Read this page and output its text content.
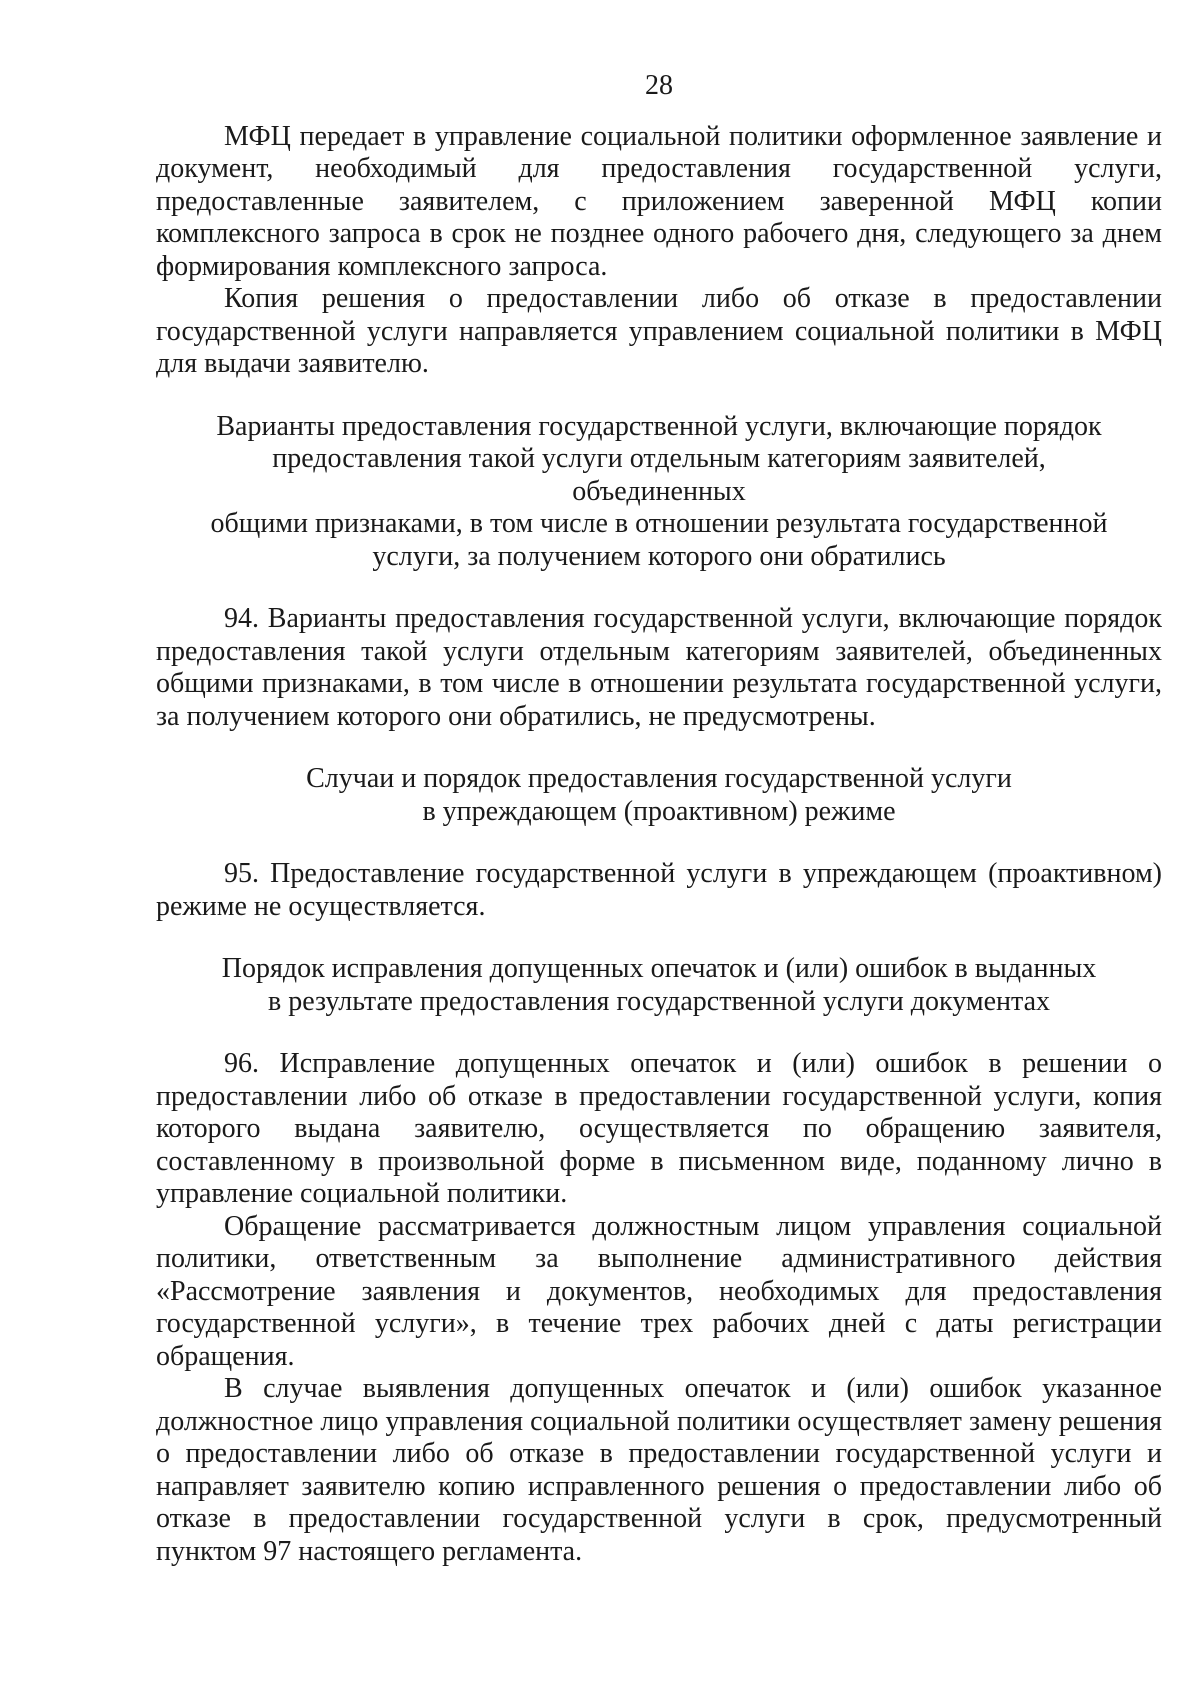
28

МФЦ передает в управление социальной политики оформленное заявление и документ, необходимый для предоставления государственной услуги, предоставленные заявителем, с приложением заверенной МФЦ копии комплексного запроса в срок не позднее одного рабочего дня, следующего за днем формирования комплексного запроса.

Копия решения о предоставлении либо об отказе в предоставлении государственной услуги направляется управлением социальной политики в МФЦ для выдачи заявителю.

Варианты предоставления государственной услуги, включающие порядок
предоставления такой услуги отдельным категориям заявителей, объединенных
общими признаками, в том числе в отношении результата государственной
услуги, за получением которого они обратились

94. Варианты предоставления государственной услуги, включающие порядок предоставления такой услуги отдельным категориям заявителей, объединенных общими признаками, в том числе в отношении результата государственной услуги, за получением которого они обратились, не предусмотрены.

Случаи и порядок предоставления государственной услуги
в упреждающем (проактивном) режиме

95. Предоставление государственной услуги в упреждающем (проактивном) режиме не осуществляется.

Порядок исправления допущенных опечаток и (или) ошибок в выданных
в результате предоставления государственной услуги документах

96. Исправление допущенных опечаток и (или) ошибок в решении о предоставлении либо об отказе в предоставлении государственной услуги, копия которого выдана заявителю, осуществляется по обращению заявителя, составленному в произвольной форме в письменном виде, поданному лично в управление социальной политики.

Обращение рассматривается должностным лицом управления социальной политики, ответственным за выполнение административного действия «Рассмотрение заявления и документов, необходимых для предоставления государственной услуги», в течение трех рабочих дней с даты регистрации обращения.

В случае выявления допущенных опечаток и (или) ошибок указанное должностное лицо управления социальной политики осуществляет замену решения о предоставлении либо об отказе в предоставлении государственной услуги и направляет заявителю копию исправленного решения о предоставлении либо об отказе в предоставлении государственной услуги в срок, предусмотренный пунктом 97 настоящего регламента.
